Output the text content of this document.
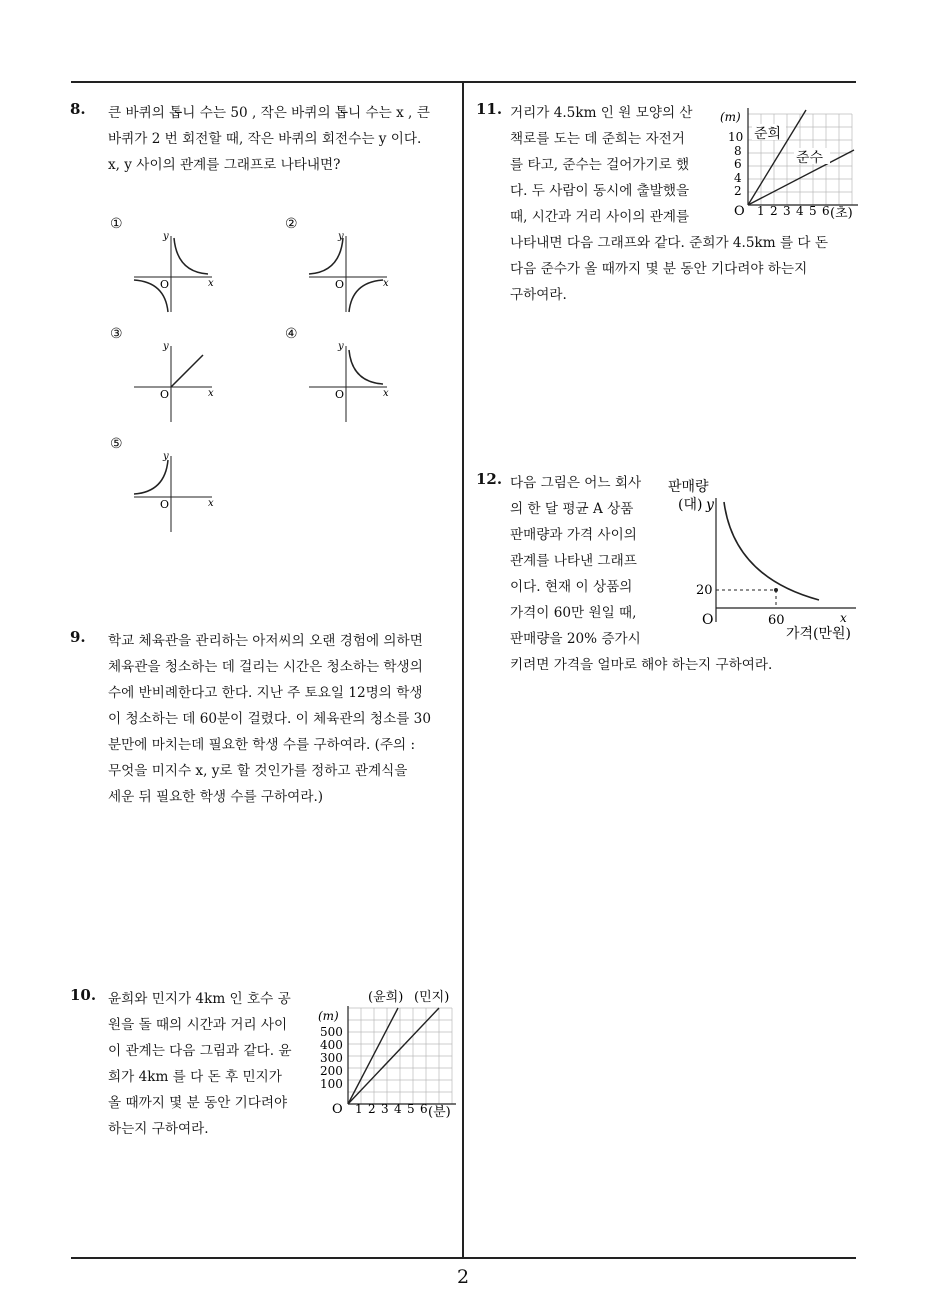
8. 큰 바퀴의 톱니 수는 50 , 작은 바퀴의 톱니 수는 x , 큰

바퀴가 2 번 회전할 때, 작은 바퀴의 회전수는 y 이다.

x, y 사이의 관계를 그래프로 나타내면?

①
y
x
O
②
y
x
O
③
y
x
O
④
y
x
O
⑤
y
x
O
9. 학교 체육관을 관리하는 아저씨의 오랜 경험에 의하면

체육관을 청소하는 데 걸리는 시간은 청소하는 학생의

수에 반비례한다고 한다. 지난 주 토요일 12명의 학생

이 청소하는 데 60분이 걸렸다. 이 체육관의 청소를 30

분만에 마치는데 필요한 학생 수를 구하여라. (주의 :

무엇을 미지수 x, y로 할 것인가를 정하고 관계식을

세운 뒤 필요한 학생 수를 구하여라.)

10. 윤희와 민지가 4km 인 호수 공

원을 돌 때의 시간과 거리 사이

이 관계는 다음 그림과 같다. 윤

희가 4km 를 다 돈 후 민지가

올 때까지 몇 분 동안 기다려야

하는지 구하여라.

(윤희) (민지)
(m)
500
400
300
200
100
O 1 2 3 4 5 6 (분)
11. 거리가 4.5km 인 원 모양의 산

책로를 도는 데 준희는 자전거

를 타고, 준수는 걸어가기로 했

다. 두 사람이 동시에 출발했을

때, 시간과 거리 사이의 관계를

나타내면 다음 그래프와 같다. 준희가 4.5km 를 다 돈

다음 준수가 올 때까지 몇 분 동안 기다려야 하는지

구하여라.

준희
준수
(m)
10
8
6
4
2
O 1 2 3 4 5 6 (초)
12. 다음 그림은 어느 회사

의 한 달 평균 A 상품

판매량과 가격 사이의

관계를 나타낸 그래프

이다. 현재 이 상품의

가격이 60만 원일 때,

판매량을 20% 증가시

키려면 가격을 얼마로 해야 하는지 구하여라.

판매량
(대) y
20
O	60	x
가격(만원)
2
